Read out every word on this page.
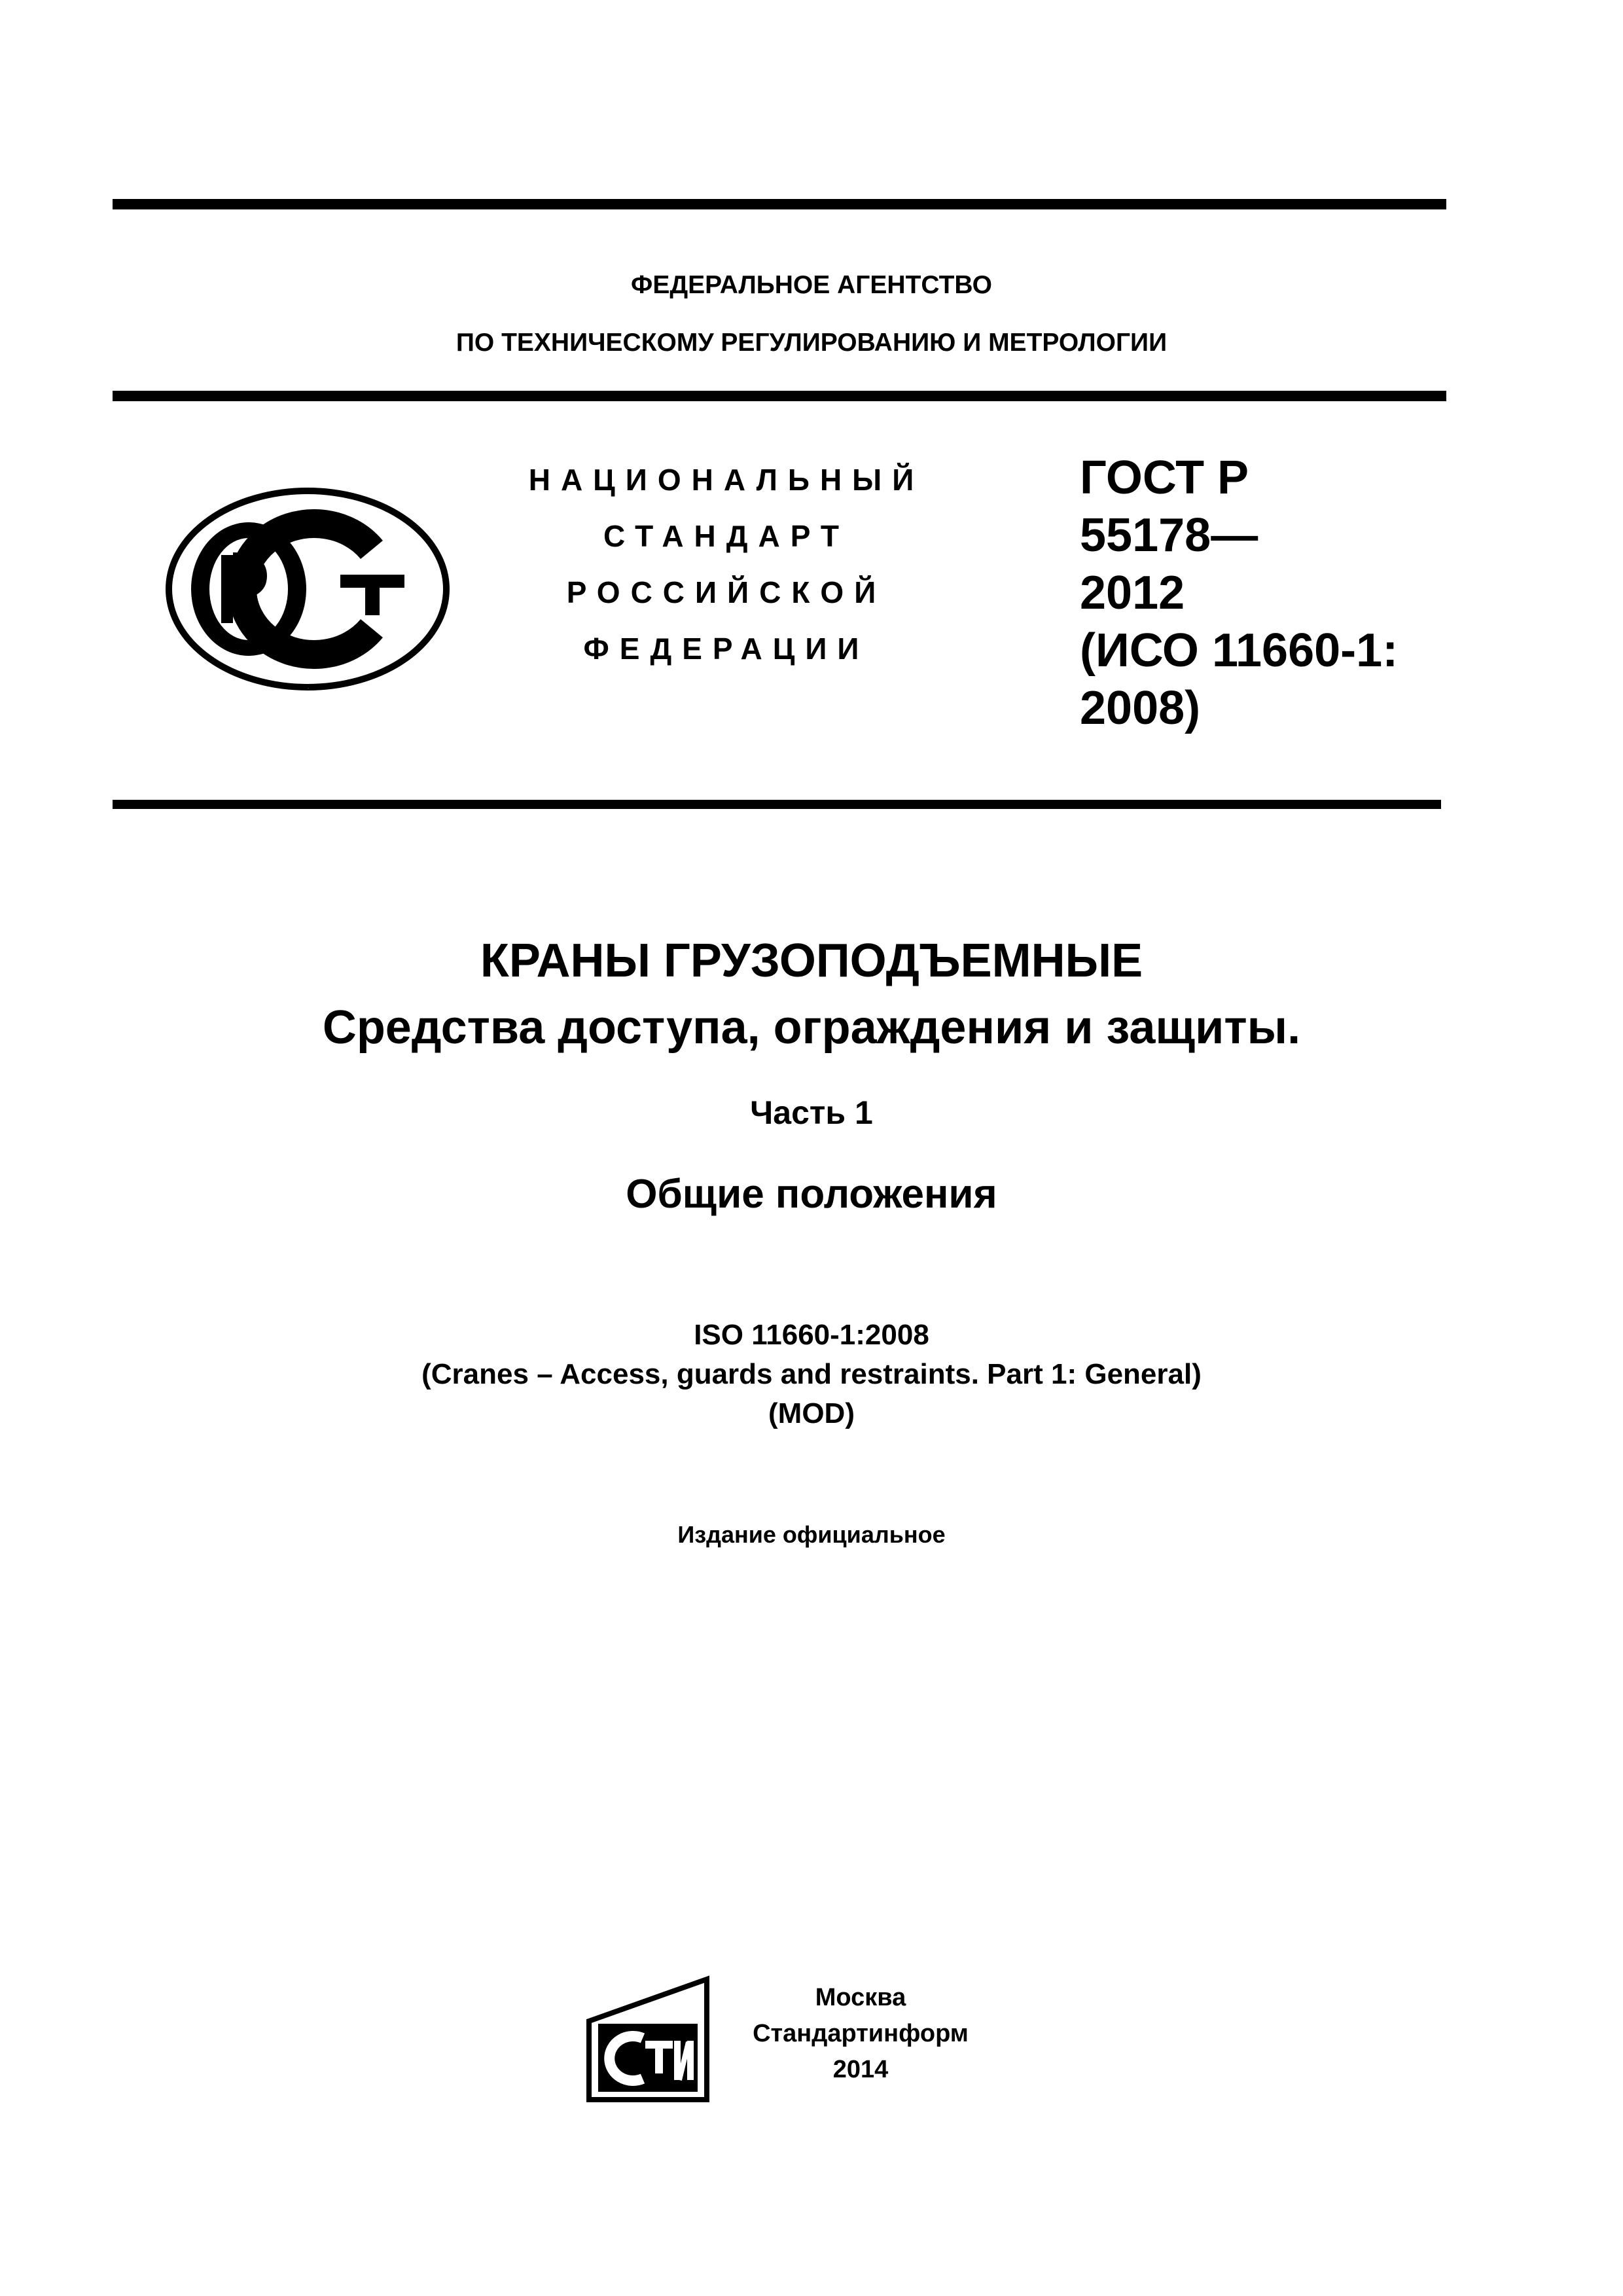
ФЕДЕРАЛЬНОЕ АГЕНТСТВО
ПО ТЕХНИЧЕСКОМУ РЕГУЛИРОВАНИЮ И МЕТРОЛОГИИ
РСТ
НАЦИОНАЛЬНЫЙ
СТАНДАРТ
РОССИЙСКОЙ
ФЕДЕРАЦИИ
ГОСТ Р
55178—
2012
(ИСО 11660-1:
2008)
КРАНЫ ГРУЗОПОДЪЕМНЫЕ
Средства доступа, ограждения и защиты.
Часть 1
Общие положения
ISO 11660-1:2008
(Cranes – Access, guards and restraints. Part 1: General)
(MOD)
Издание официальное
СТИ
Москва
Стандартинформ
2014
